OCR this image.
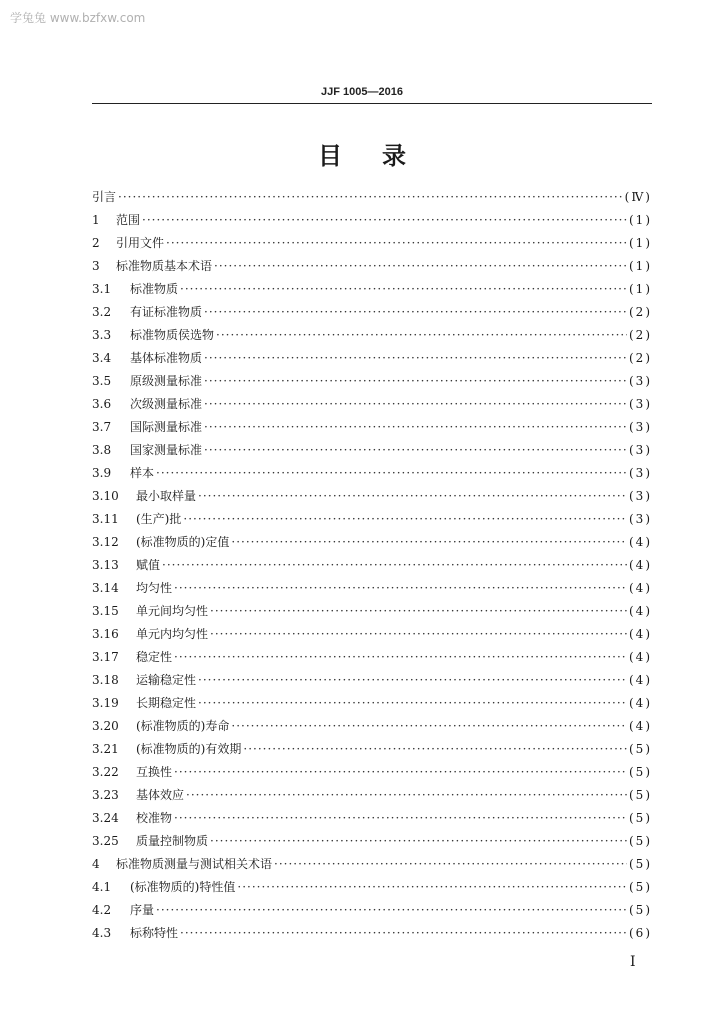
学兔兔 www.bzfxw.com
JJF 1005—2016
目录
引言 ·····	(Ⅳ)
1	范围 ·····	(1)
2	引用文件 ·····	(1)
3	标准物质基本术语 ·····	(1)
3.1	标准物质 ·····	(1)
3.2	有证标准物质 ·····	(2)
3.3	标准物质侯选物 ·····	(2)
3.4	基体标准物质 ·····	(2)
3.5	原级测量标准 ·····	(3)
3.6	次级测量标准 ·····	(3)
3.7	国际测量标准 ·····	(3)
3.8	国家测量标准 ·····	(3)
3.9	样本 ·····	(3)
3.10	最小取样量 ·····	(3)
3.11	(生产)批 ·····	(3)
3.12	(标准物质的)定值 ·····	(4)
3.13	赋值 ·····	(4)
3.14	均匀性 ·····	(4)
3.15	单元间均匀性 ·····	(4)
3.16	单元内均匀性 ·····	(4)
3.17	稳定性 ·····	(4)
3.18	运输稳定性 ·····	(4)
3.19	长期稳定性 ·····	(4)
3.20	(标准物质的)寿命 ·····	(4)
3.21	(标准物质的)有效期 ·····	(5)
3.22	互换性 ·····	(5)
3.23	基体效应 ·····	(5)
3.24	校准物 ·····	(5)
3.25	质量控制物质 ·····	(5)
4	标准物质测量与测试相关术语 ·····	(5)
4.1	(标准物质的)特性值 ·····	(5)
4.2	序量 ·····	(5)
4.3	标称特性 ·····	(6)
I
